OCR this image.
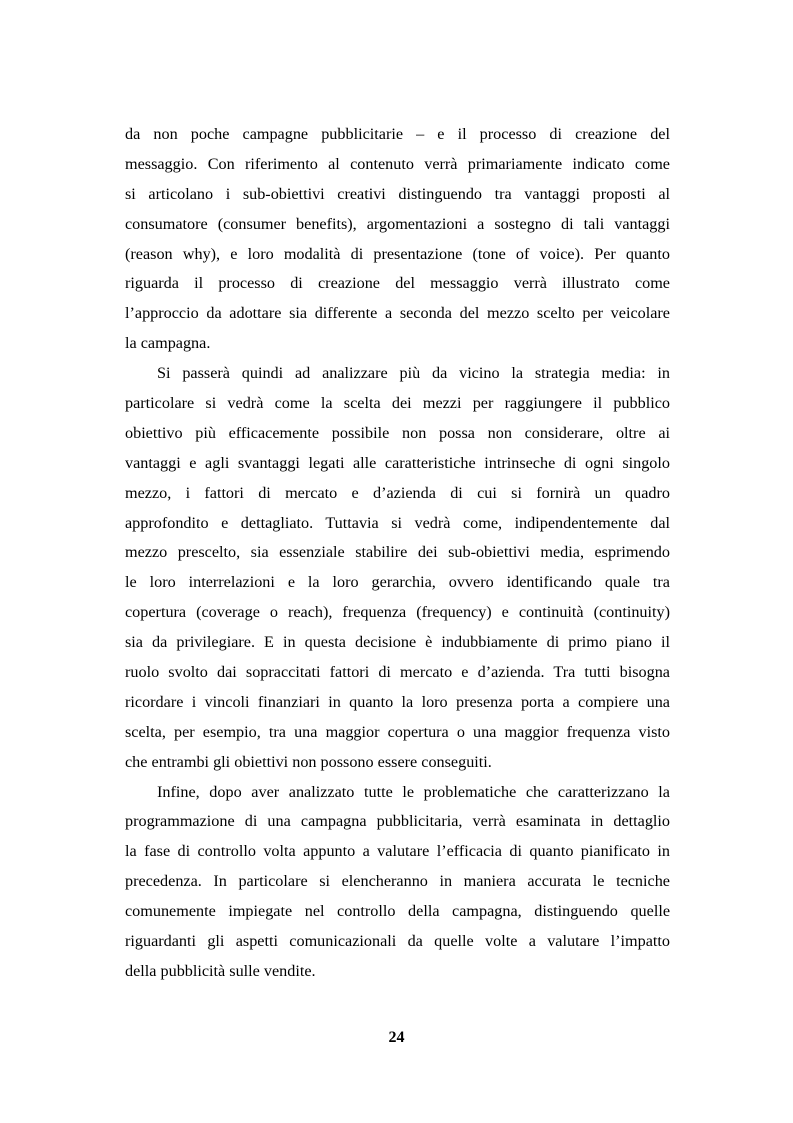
da non poche campagne pubblicitarie – e il processo di creazione del
messaggio. Con riferimento al contenuto verrà primariamente indicato come
si articolano i sub-obiettivi creativi distinguendo tra vantaggi proposti al
consumatore (consumer benefits), argomentazioni a sostegno di tali vantaggi
(reason why), e loro modalità di presentazione (tone of voice). Per quanto
riguarda il processo di creazione del messaggio verrà illustrato come
l’approccio da adottare sia differente a seconda del mezzo scelto per veicolare
la campagna.
Si passerà quindi ad analizzare più da vicino la strategia media: in
particolare si vedrà come la scelta dei mezzi per raggiungere il pubblico
obiettivo più efficacemente possibile non possa non considerare, oltre ai
vantaggi e agli svantaggi legati alle caratteristiche intrinseche di ogni singolo
mezzo, i fattori di mercato e d’azienda di cui si fornirà un quadro
approfondito e dettagliato. Tuttavia si vedrà come, indipendentemente dal
mezzo prescelto, sia essenziale stabilire dei sub-obiettivi media, esprimendo
le loro interrelazioni e la loro gerarchia, ovvero identificando quale tra
copertura (coverage o reach), frequenza (frequency) e continuità (continuity)
sia da privilegiare. E in questa decisione è indubbiamente di primo piano il
ruolo svolto dai sopraccitati fattori di mercato e d’azienda. Tra tutti bisogna
ricordare i vincoli finanziari in quanto la loro presenza porta a compiere una
scelta, per esempio, tra una maggior copertura o una maggior frequenza visto
che entrambi gli obiettivi non possono essere conseguiti.
Infine, dopo aver analizzato tutte le problematiche che caratterizzano la
programmazione di una campagna pubblicitaria, verrà esaminata in dettaglio
la fase di controllo volta appunto a valutare l’efficacia di quanto pianificato in
precedenza. In particolare si elencheranno in maniera accurata le tecniche
comunemente impiegate nel controllo della campagna, distinguendo quelle
riguardanti gli aspetti comunicazionali da quelle volte a valutare l’impatto
della pubblicità sulle vendite.
24
